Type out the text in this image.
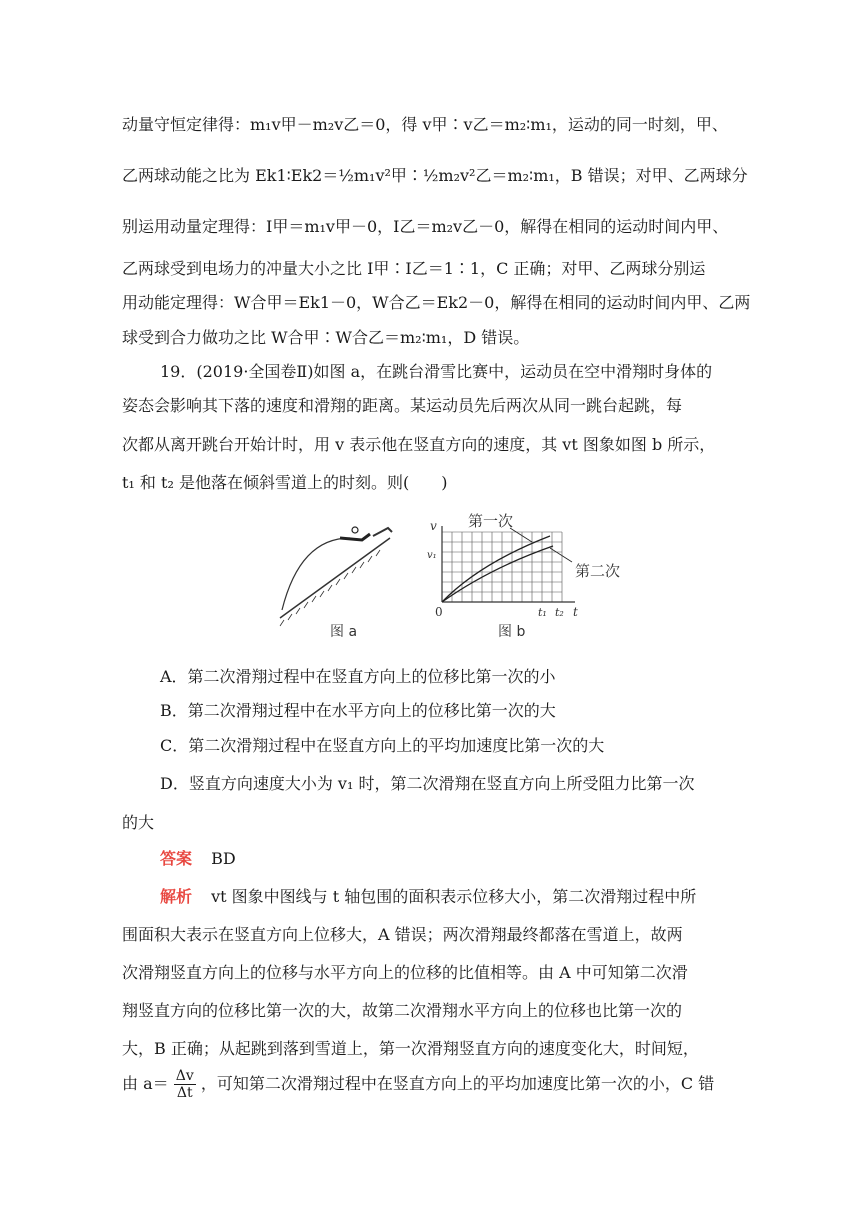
动量守恒定律得：m₁v甲－m₂v乙＝0，得 v甲∶v乙＝m₂∶m₁，运动的同一时刻，甲、
乙两球动能之比为 Ek1∶Ek2＝½m₁v²甲∶½m₂v²乙＝m₂∶m₁，B 错误；对甲、乙两球分
别运用动量定理得：I甲＝m₁v甲－0，I乙＝m₂v乙－0，解得在相同的运动时间内甲、
乙两球受到电场力的冲量大小之比 I甲∶I乙＝1∶1，C 正确；对甲、乙两球分别运
用动能定理得：W合甲＝Ek1－0，W合乙＝Ek2－0，解得在相同的运动时间内甲、乙两
球受到合力做功之比 W合甲∶W合乙＝m₂∶m₁，D 错误。
19．(2019·全国卷Ⅱ)如图 a，在跳台滑雪比赛中，运动员在空中滑翔时身体的
姿态会影响其下落的速度和滑翔的距离。某运动员先后两次从同一跳台起跳，每
次都从离开跳台开始计时，用 v 表示他在竖直方向的速度，其 vt 图象如图 b 所示，
t₁ 和 t₂ 是他落在倾斜雪道上的时刻。则(　　)
图 a
v
v₁
0	t₁ t₂ t
第一次
第二次
图 b
A．第二次滑翔过程中在竖直方向上的位移比第一次的小
B．第二次滑翔过程中在水平方向上的位移比第一次的大
C．第二次滑翔过程中在竖直方向上的平均加速度比第一次的大
D．竖直方向速度大小为 v₁ 时，第二次滑翔在竖直方向上所受阻力比第一次
的大
答案 BD
解析 vt 图象中图线与 t 轴包围的面积表示位移大小，第二次滑翔过程中所
围面积大表示在竖直方向上位移大，A 错误；两次滑翔最终都落在雪道上，故两
次滑翔竖直方向上的位移与水平方向上的位移的比值相等。由 A 中可知第二次滑
翔竖直方向的位移比第一次的大，故第二次滑翔水平方向上的位移也比第一次的
大，B 正确；从起跳到落到雪道上，第一次滑翔竖直方向的速度变化大，时间短，
由 $a= \frac{\Delta v}{\Delta t}$ ，可知第二次滑翔过程中在竖直方向上的平均加速度比第一次的小，C 错
